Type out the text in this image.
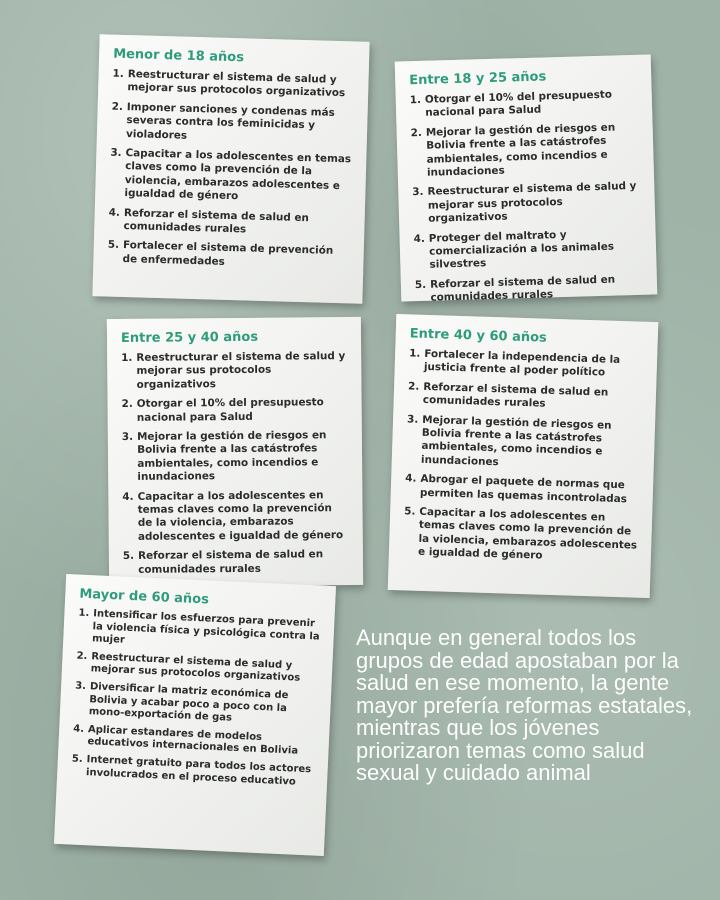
Menor de 18 años
1. Reestructurar el sistema de salud y mejorar sus protocolos organizativos
2. Imponer sanciones y condenas más severas contra los feminicidas y violadores
3. Capacitar a los adolescentes en temas claves como la prevención de la violencia, embarazos adolescentes e igualdad de género
4. Reforzar el sistema de salud en comunidades rurales
5. Fortalecer el sistema de prevención de enfermedades
Entre 18 y 25 años
1. Otorgar el 10% del presupuesto nacional para Salud
2. Mejorar la gestión de riesgos en Bolivia frente a las catástrofes ambientales, como incendios e inundaciones
3. Reestructurar el sistema de salud y mejorar sus protocolos organizativos
4. Proteger del maltrato y comercialización a los animales silvestres
5. Reforzar el sistema de salud en comunidades rurales
Entre 25 y 40 años
1. Reestructurar el sistema de salud y mejorar sus protocolos organizativos
2. Otorgar el 10% del presupuesto nacional para Salud
3. Mejorar la gestión de riesgos en Bolivia frente a las catástrofes ambientales, como incendios e inundaciones
4. Capacitar a los adolescentes en temas claves como la prevención de la violencia, embarazos adolescentes e igualdad de género
5. Reforzar el sistema de salud en comunidades rurales
Entre 40 y 60 años
1. Fortalecer la independencia de la justicia frente al poder político
2. Reforzar el sistema de salud en comunidades rurales
3. Mejorar la gestión de riesgos en Bolivia frente a las catástrofes ambientales, como incendios e inundaciones
4. Abrogar el paquete de normas que permiten las quemas incontroladas
5. Capacitar a los adolescentes en temas claves como la prevención de la violencia, embarazos adolescentes e igualdad de género
Mayor de 60 años
1. Intensificar los esfuerzos para prevenir la violencia física y psicológica contra la mujer
2. Reestructurar el sistema de salud y mejorar sus protocolos organizativos
3. Diversificar la matriz económica de Bolivia y acabar poco a poco con la mono-exportación de gas
4. Aplicar estandares de modelos educativos internacionales en Bolivia
5. Internet gratuito para todos los actores involucrados en el proceso educativo

Aunque en general todos los grupos de edad apostaban por la salud en ese momento, la gente mayor prefería reformas estatales, mientras que los jóvenes priorizaron temas como salud sexual y cuidado animal
